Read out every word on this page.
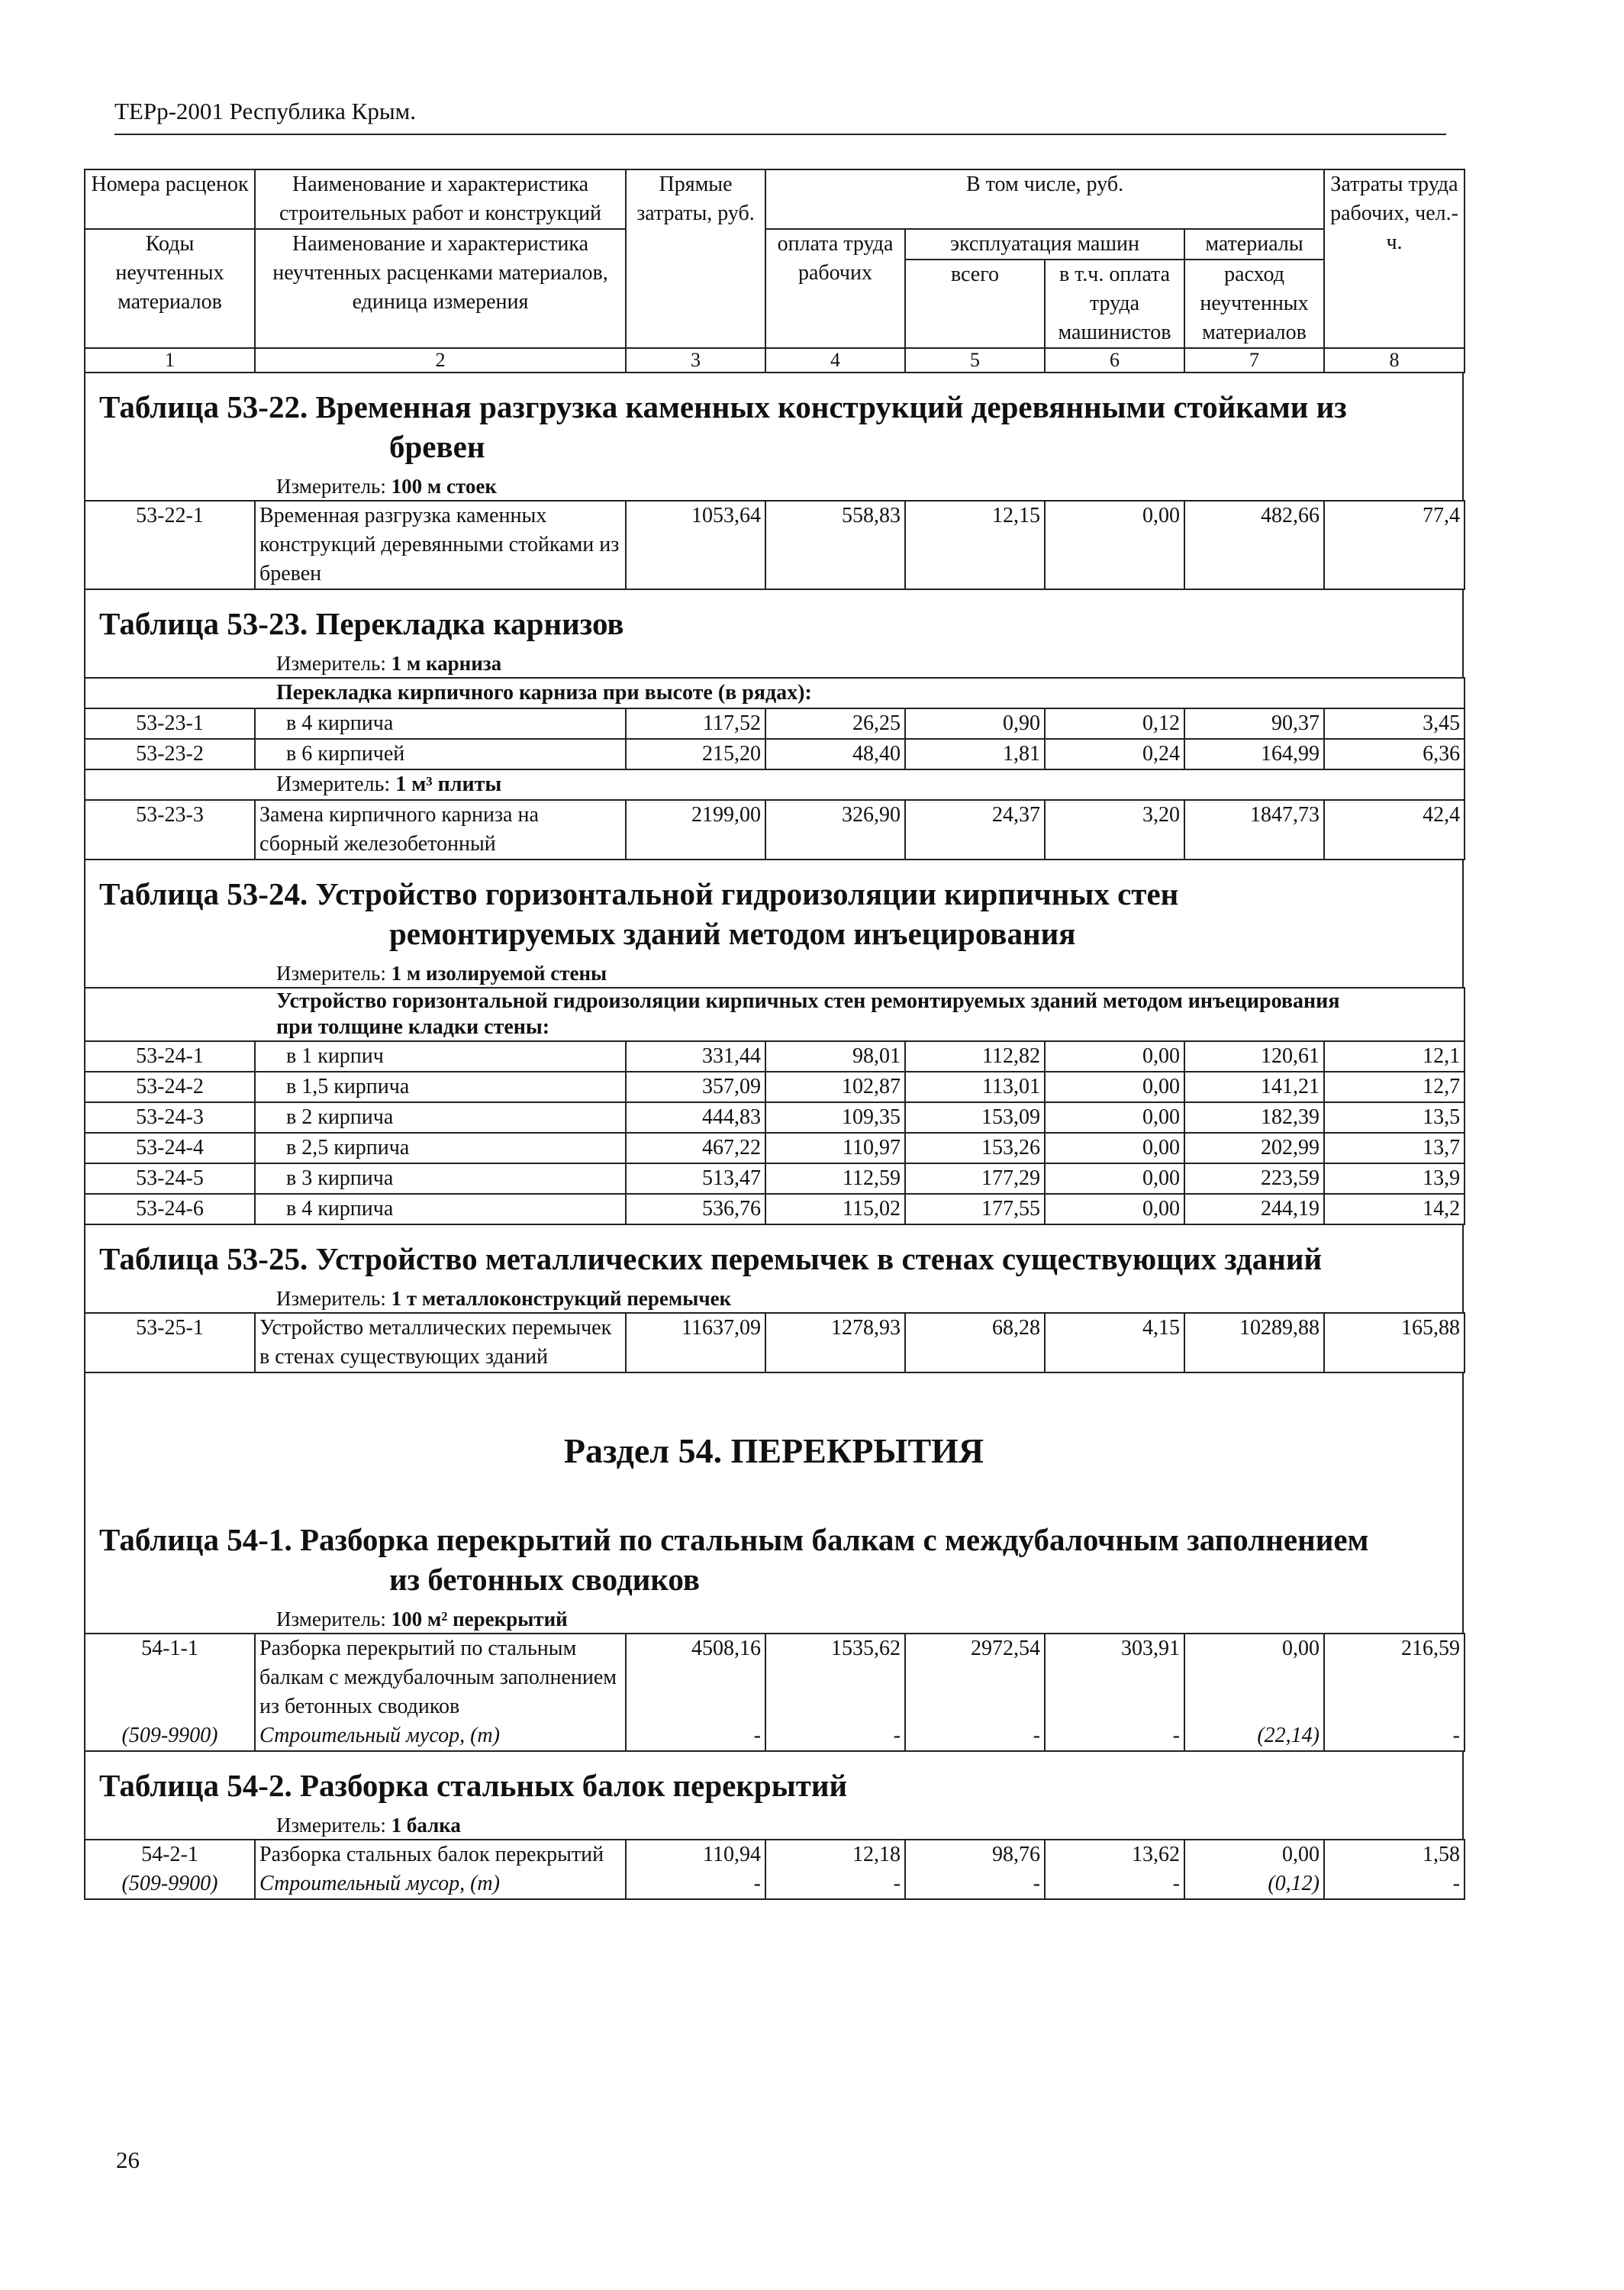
ТЕРр-2001 Республика Крым.
Номера расценок	Наименование и характеристика строительных работ и конструкций	Прямые затраты, руб.	В том числе, руб.				Затраты труда рабочих, чел.-ч.
Коды неучтенных материалов	Наименование и характеристика неучтенных расценками материалов, единица измерения		оплата труда рабочих	эксплуатация машин		материалы	
				всего	в т.ч. оплата труда машинистов	расход неучтенных материалов	
1	2	3	4	5	6	7	8
Таблица 53-22. Временная разгрузка каменных конструкций деревянными стойками из
бревен
Измеритель: 100 м стоек
53-22-1	Временная разгрузка каменных конструкций деревянными стойками из бревен	1053,64	558,83	12,15	0,00	482,66	77,4
Таблица 53-23. Перекладка карнизов
Измеритель: 1 м карниза
Перекладка кирпичного карниза при высоте (в рядах):							
53-23-1	в 4 кирпича	117,52	26,25	0,90	0,12	90,37	3,45
53-23-2	в 6 кирпичей	215,20	48,40	1,81	0,24	164,99	6,36
Измеритель: 1 м³ плиты							
53-23-3	Замена кирпичного карниза на сборный железобетонный	2199,00	326,90	24,37	3,20	1847,73	42,4
Таблица 53-24. Устройство горизонтальной гидроизоляции кирпичных стен
ремонтируемых зданий методом инъецирования
Измеритель: 1 м изолируемой стены
Устройство горизонтальной гидроизоляции кирпичных стен ремонтируемых зданий методом инъецирования при толщине кладки стены:							
53-24-1	в 1 кирпич	331,44	98,01	112,82	0,00	120,61	12,1
53-24-2	в 1,5 кирпича	357,09	102,87	113,01	0,00	141,21	12,7
53-24-3	в 2 кирпича	444,83	109,35	153,09	0,00	182,39	13,5
53-24-4	в 2,5 кирпича	467,22	110,97	153,26	0,00	202,99	13,7
53-24-5	в 3 кирпича	513,47	112,59	177,29	0,00	223,59	13,9
53-24-6	в 4 кирпича	536,76	115,02	177,55	0,00	244,19	14,2
Таблица 53-25. Устройство металлических перемычек в стенах существующих зданий
Измеритель: 1 т металлоконструкций перемычек
53-25-1	Устройство металлических перемычек в стенах существующих зданий	11637,09	1278,93	68,28	4,15	10289,88	165,88
Раздел 54. ПЕРЕКРЫТИЯ
Таблица 54-1. Разборка перекрытий по стальным балкам с междубалочным заполнением
из бетонных сводиков
Измеритель: 100 м² перекрытий
54-1-1	Разборка перекрытий по стальным балкам с междубалочным заполнением из бетонных сводиков	4508,16	1535,62	2972,54	303,91	0,00	216,59
(509-9900)	Строительный мусор, (т)	-	-	-	-	(22,14)	-
Таблица 54-2. Разборка стальных балок перекрытий
Измеритель: 1 балка
54-2-1	Разборка стальных балок перекрытий	110,94	12,18	98,76	13,62	0,00	1,58
(509-9900)	Строительный мусор, (т)	-	-	-	-	(0,12)	-
26
